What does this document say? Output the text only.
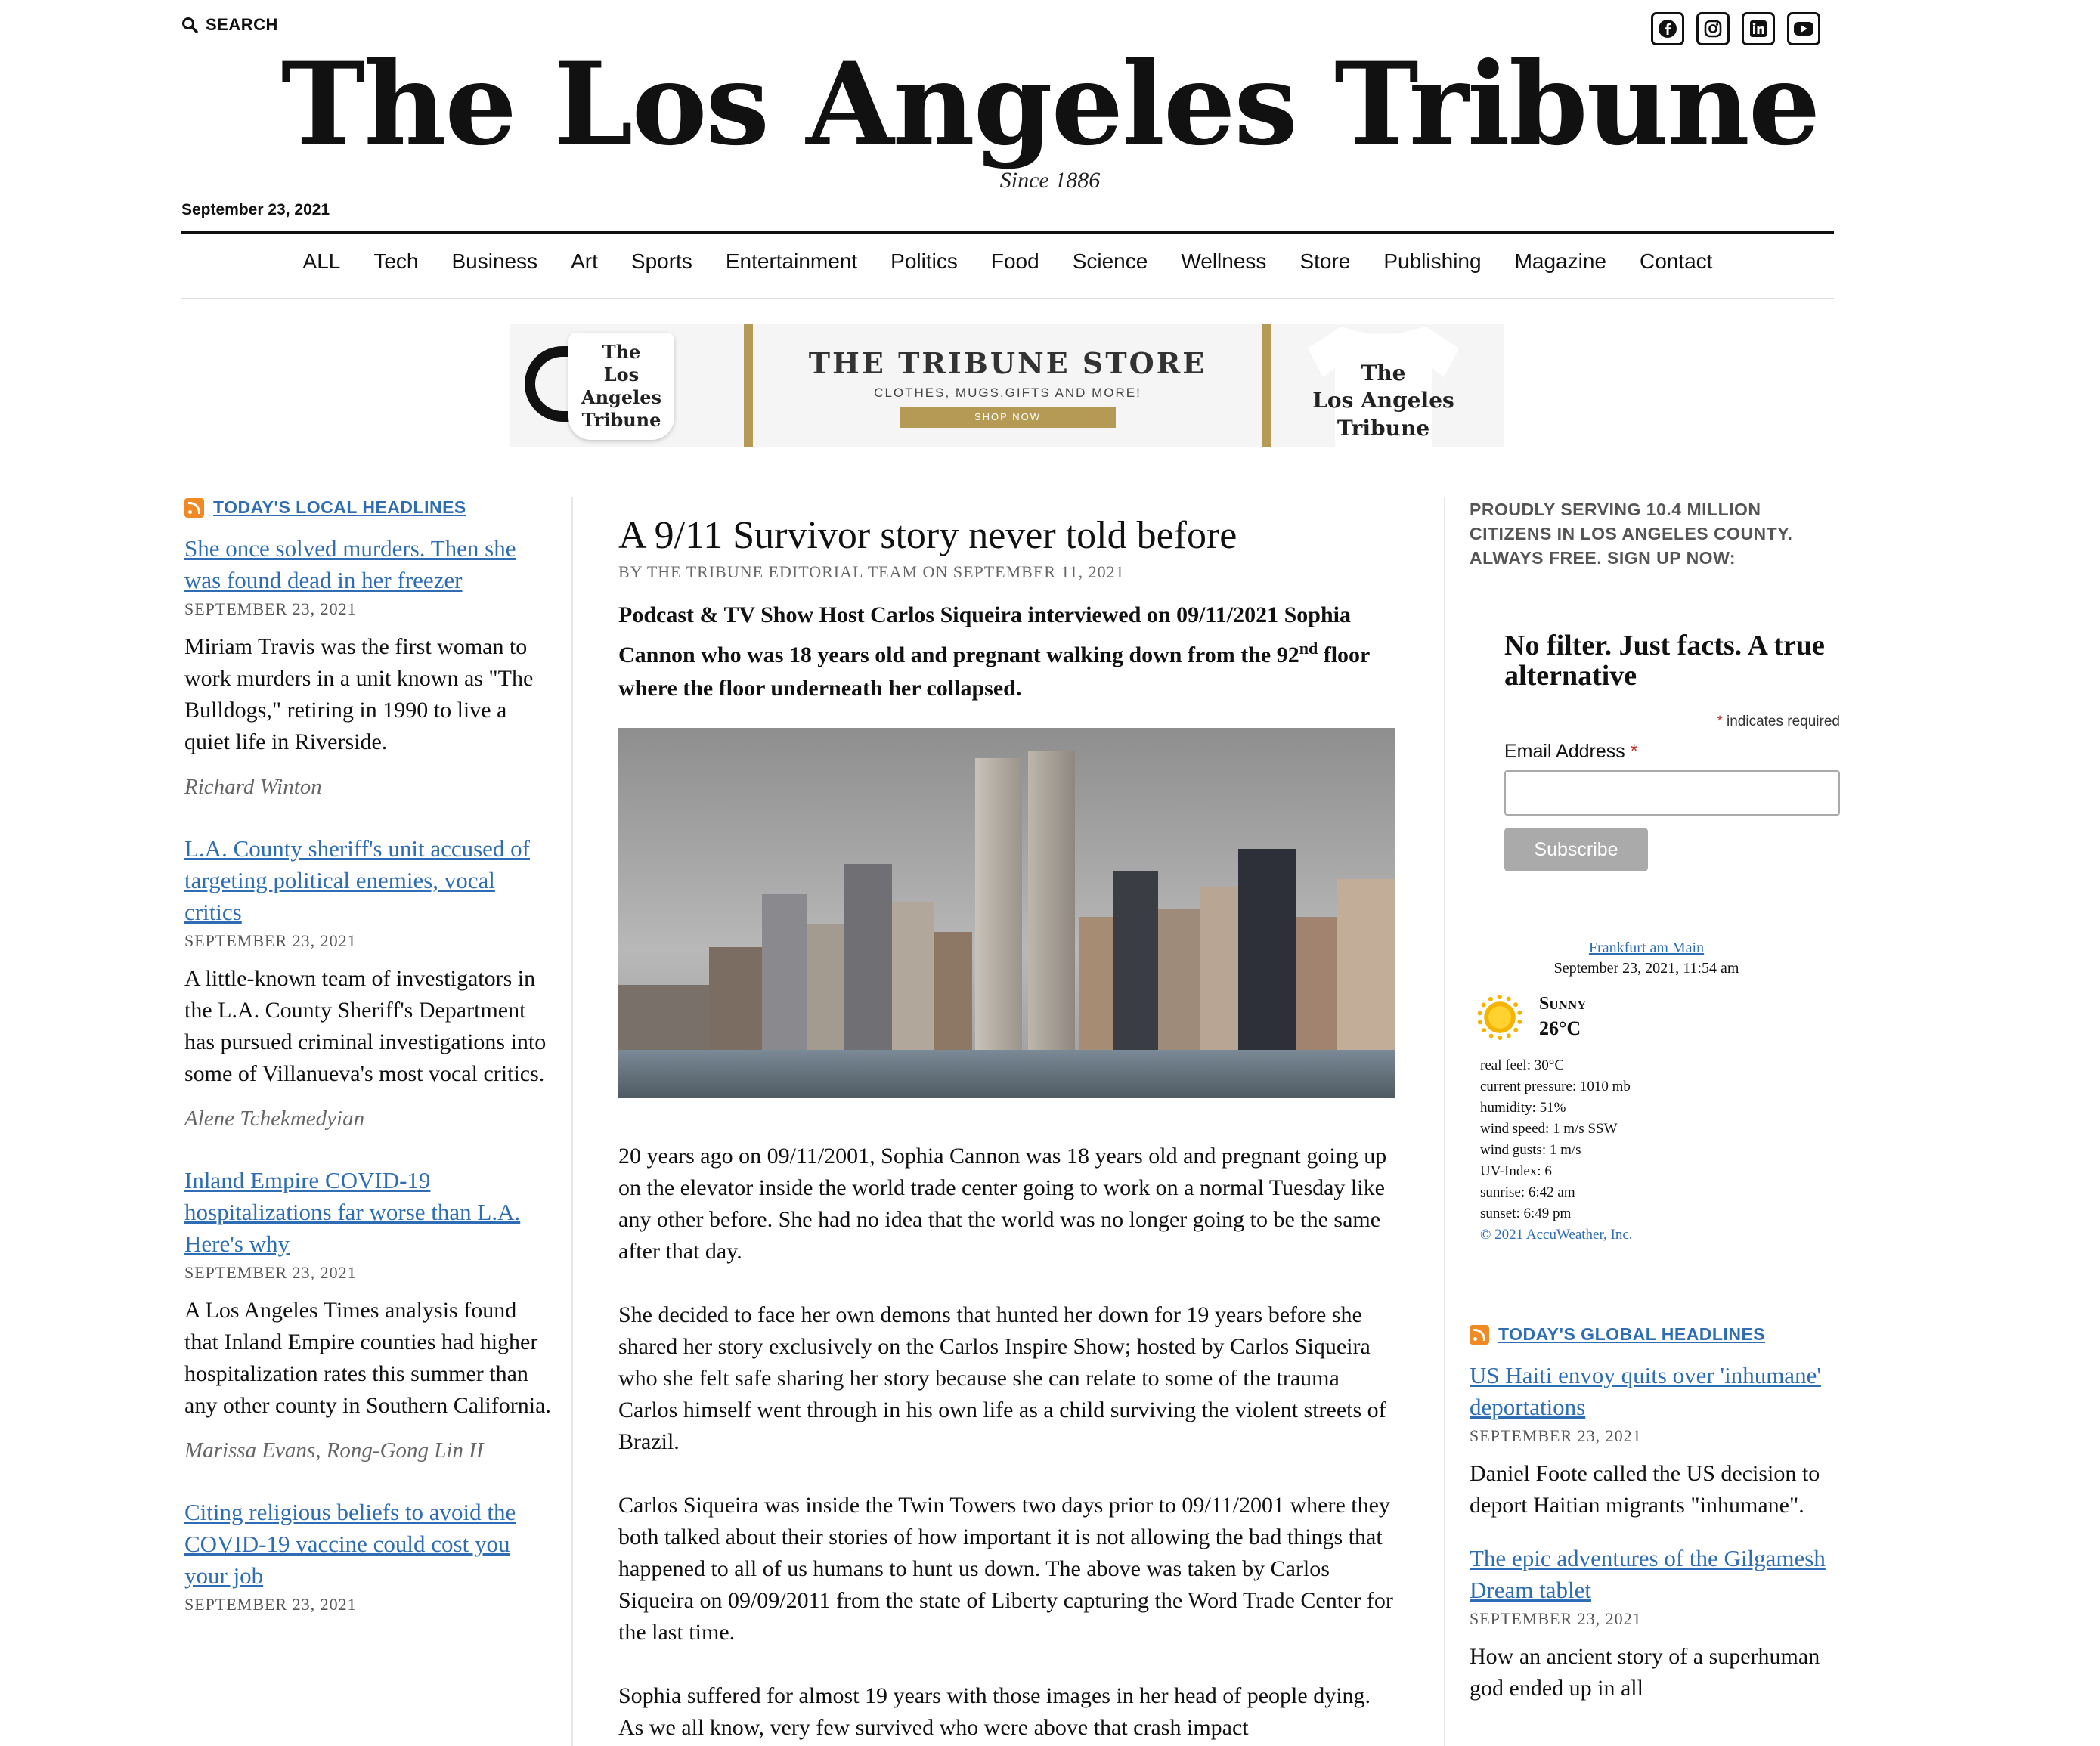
SEARCH
The Los Angeles Tribune
Since 1886
September 23, 2021
ALL Tech Business Art Sports Entertainment Politics Food Science Wellness Store Publishing Magazine Contact
The
Los Angeles
Tribune
THE TRIBUNE STORE
CLOTHES, MUGS,GIFTS AND MORE!
SHOP NOW
The
Los Angeles
Tribune
TODAY'S LOCAL HEADLINES
She once solved murders. Then she was found dead in her freezer
SEPTEMBER 23, 2021
Miriam Travis was the first woman to work murders in a unit known as "The Bulldogs," retiring in 1990 to live a quiet life in Riverside.
Richard Winton
L.A. County sheriff's unit accused of targeting political enemies, vocal critics
SEPTEMBER 23, 2021
A little-known team of investigators in the L.A. County Sheriff's Department has pursued criminal investigations into some of Villanueva's most vocal critics.
Alene Tchekmedyian
Inland Empire COVID-19 hospitalizations far worse than L.A. Here's why
SEPTEMBER 23, 2021
A Los Angeles Times analysis found that Inland Empire counties had higher hospitalization rates this summer than any other county in Southern California.
Marissa Evans, Rong-Gong Lin II
Citing religious beliefs to avoid the COVID-19 vaccine could cost you your job
SEPTEMBER 23, 2021
A 9/11 Survivor story never told before
BY THE TRIBUNE EDITORIAL TEAM ON SEPTEMBER 11, 2021
Podcast & TV Show Host Carlos Siqueira interviewed on 09/11/2021 Sophia Cannon who was 18 years old and pregnant walking down from the 92nd floor where the floor underneath her collapsed.

20 years ago on 09/11/2001, Sophia Cannon was 18 years old and pregnant going up on the elevator inside the world trade center going to work on a normal Tuesday like any other before. She had no idea that the world was no longer going to be the same after that day.

She decided to face her own demons that hunted her down for 19 years before she shared her story exclusively on the Carlos Inspire Show; hosted by Carlos Siqueira who she felt safe sharing her story because she can relate to some of the trauma Carlos himself went through in his own life as a child surviving the violent streets of Brazil.

Carlos Siqueira was inside the Twin Towers two days prior to 09/11/2001 where they both talked about their stories of how important it is not allowing the bad things that happened to all of us humans to hunt us down. The above was taken by Carlos Siqueira on 09/09/2011 from the state of Liberty capturing the Word Trade Center for the last time.

Sophia suffered for almost 19 years with those images in her head of people dying. As we all know, very few survived who were above that crash impact

PROUDLY SERVING 10.4 MILLION CITIZENS IN LOS ANGELES COUNTY. ALWAYS FREE. SIGN UP NOW:
No filter. Just facts. A true alternative
* indicates required
Email Address *
Subscribe
Frankfurt am Main
September 23, 2021, 11:54 am
Sunny
26°C
real feel: 30°C
current pressure: 1010 mb
humidity: 51%
wind speed: 1 m/s SSW
wind gusts: 1 m/s
UV-Index: 6
sunrise: 6:42 am
sunset: 6:49 pm
© 2021 AccuWeather, Inc.
TODAY'S GLOBAL HEADLINES
US Haiti envoy quits over 'inhumane' deportations
SEPTEMBER 23, 2021
Daniel Foote called the US decision to deport Haitian migrants "inhumane".
The epic adventures of the Gilgamesh Dream tablet
SEPTEMBER 23, 2021
How an ancient story of a superhuman god ended up in all
